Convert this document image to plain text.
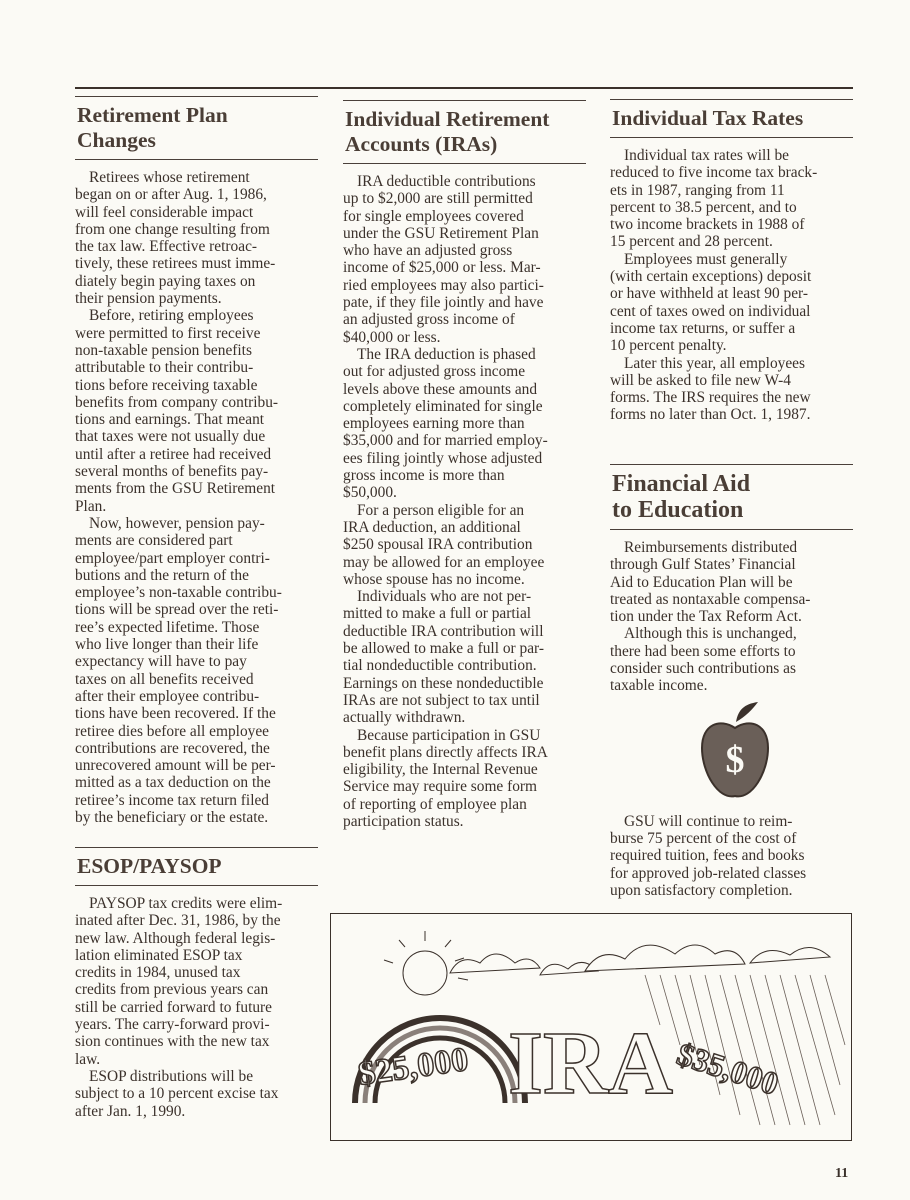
Retirement Plan
Changes

Retirees whose retirement
began on or after Aug. 1, 1986,
will feel considerable impact
from one change resulting from
the tax law. Effective retroac-
tively, these retirees must imme-
diately begin paying taxes on
their pension payments.

Before, retiring employees
were permitted to first receive
non-taxable pension benefits
attributable to their contribu-
tions before receiving taxable
benefits from company contribu-
tions and earnings. That meant
that taxes were not usually due
until after a retiree had received
several months of benefits pay-
ments from the GSU Retirement
Plan.

Now, however, pension pay-
ments are considered part
employee/part employer contri-
butions and the return of the
employee’s non-taxable contribu-
tions will be spread over the reti-
ree’s expected lifetime. Those
who live longer than their life
expectancy will have to pay
taxes on all benefits received
after their employee contribu-
tions have been recovered. If the
retiree dies before all employee
contributions are recovered, the
unrecovered amount will be per-
mitted as a tax deduction on the
retiree’s income tax return filed
by the beneficiary or the estate.

ESOP/PAYSOP

PAYSOP tax credits were elim-
inated after Dec. 31, 1986, by the
new law. Although federal legis-
lation eliminated ESOP tax
credits in 1984, unused tax
credits from previous years can
still be carried forward to future
years. The carry-forward provi-
sion continues with the new tax
law.

ESOP distributions will be
subject to a 10 percent excise tax
after Jan. 1, 1990.

Individual Retirement
Accounts (IRAs)

IRA deductible contributions
up to $2,000 are still permitted
for single employees covered
under the GSU Retirement Plan
who have an adjusted gross
income of $25,000 or less. Mar-
ried employees may also partici-
pate, if they file jointly and have
an adjusted gross income of
$40,000 or less.

The IRA deduction is phased
out for adjusted gross income
levels above these amounts and
completely eliminated for single
employees earning more than
$35,000 and for married employ-
ees filing jointly whose adjusted
gross income is more than
$50,000.

For a person eligible for an
IRA deduction, an additional
$250 spousal IRA contribution
may be allowed for an employee
whose spouse has no income.

Individuals who are not per-
mitted to make a full or partial
deductible IRA contribution will
be allowed to make a full or par-
tial nondeductible contribution.
Earnings on these nondeductible
IRAs are not subject to tax until
actually withdrawn.

Because participation in GSU
benefit plans directly affects IRA
eligibility, the Internal Revenue
Service may require some form
of reporting of employee plan
participation status.

Individual Tax Rates

Individual tax rates will be
reduced to five income tax brack-
ets in 1987, ranging from 11
percent to 38.5 percent, and to
two income brackets in 1988 of
15 percent and 28 percent.

Employees must generally
(with certain exceptions) deposit
or have withheld at least 90 per-
cent of taxes owed on individual
income tax returns, or suffer a
10 percent penalty.

Later this year, all employees
will be asked to file new W-4
forms. The IRS requires the new
forms no later than Oct. 1, 1987.

Financial Aid
to Education

Reimbursements distributed
through Gulf States’ Financial
Aid to Education Plan will be
treated as nontaxable compensa-
tion under the Tax Reform Act.

Although this is unchanged,
there had been some efforts to
consider such contributions as
taxable income.

GSU will continue to reim-
burse 75 percent of the cost of
required tuition, fees and books
for approved job-related classes
upon satisfactory completion.

$
$25,000 IRA $35,000
11
